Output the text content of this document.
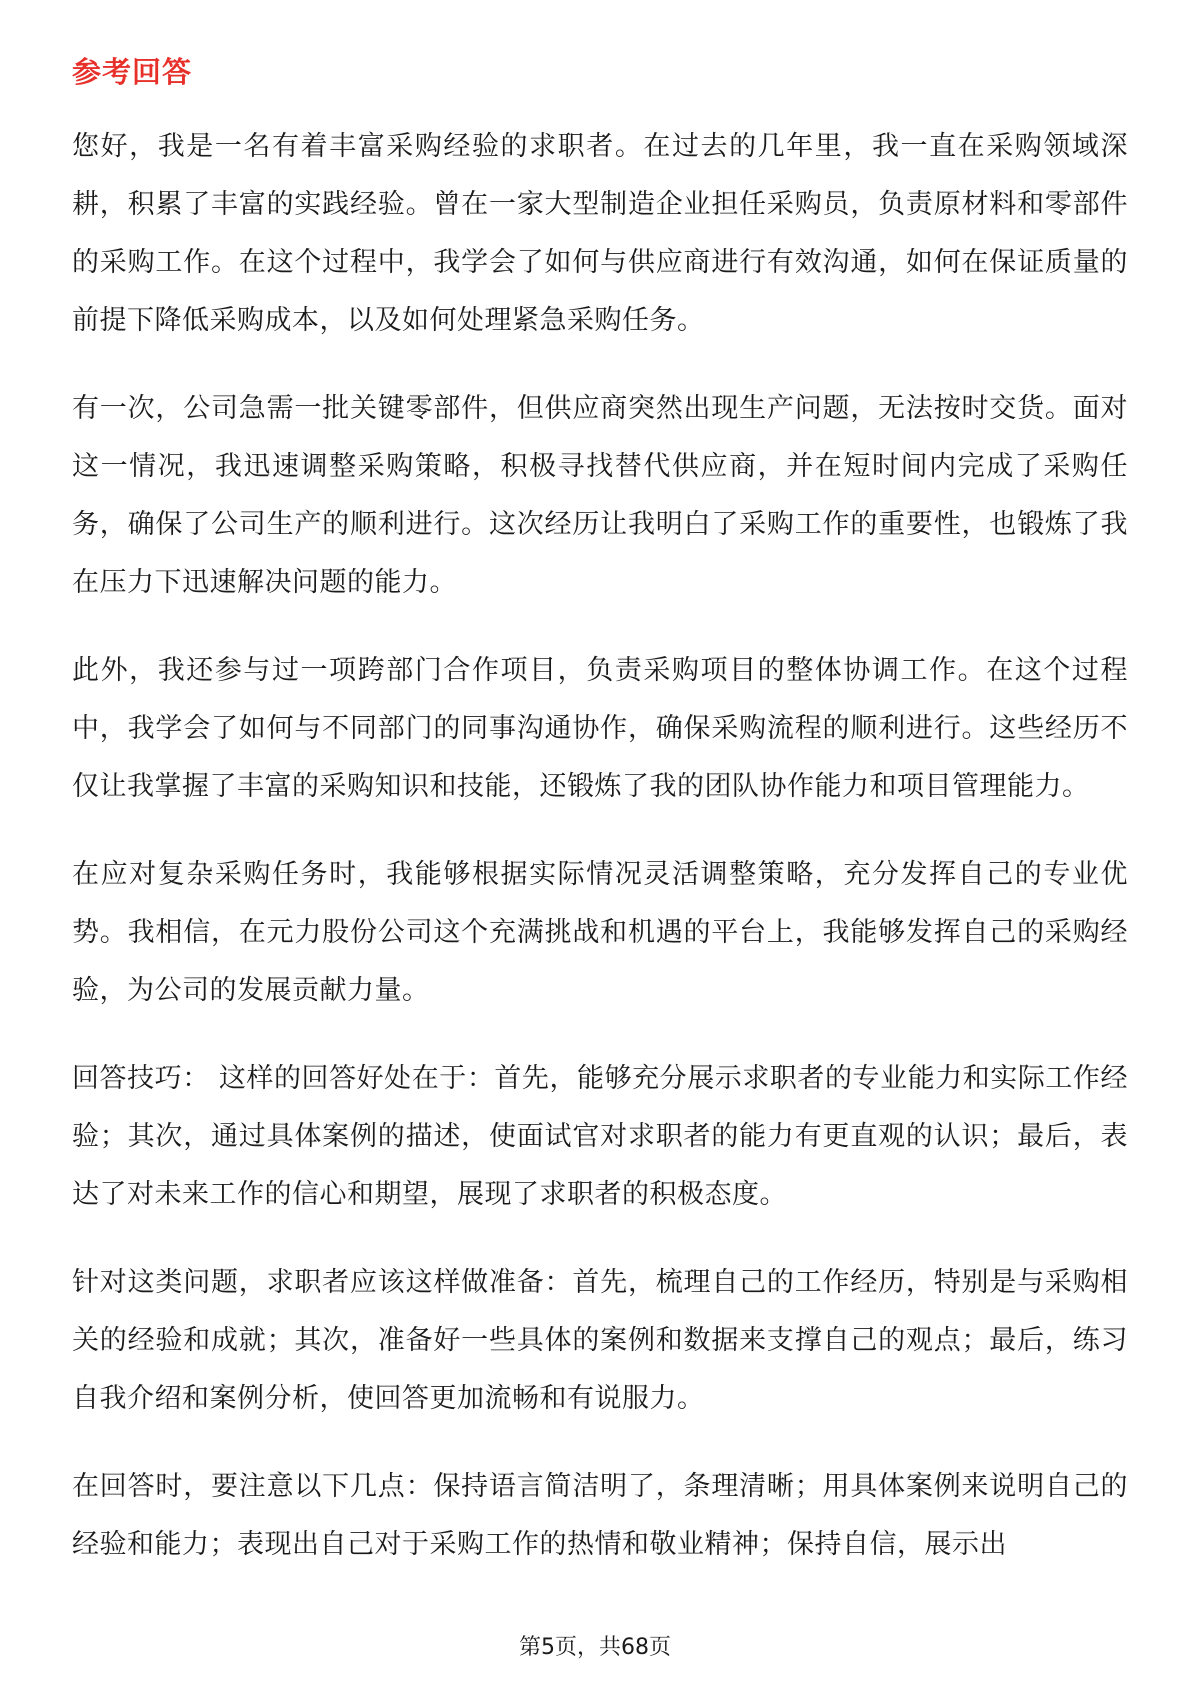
​
参考回答

您好，我是一名有着丰富采购经验的求职者。在过去的几年里，我一直在采购领域深耕，积累了丰富的实践经验。曾在一家大型制造企业担任采购员，负责原材料和零部件的采购工作。在这个过程中，我学会了如何与供应商进行有效沟通，如何在保证质量的前提下降低采购成本，以及如何处理紧急采购任务。

有一次，公司急需一批关键零部件，但供应商突然出现生产问题，无法按时交货。面对这一情况，我迅速调整采购策略，积极寻找替代供应商，并在短时间内完成了采购任务，确保了公司生产的顺利进行。这次经历让我明白了采购工作的重要性，也锻炼了我在压力下迅速解决问题的能力。

此外，我还参与过一项跨部门合作项目，负责采购项目的整体协调工作。在这个过程中，我学会了如何与不同部门的同事沟通协作，确保采购流程的顺利进行。这些经历不仅让我掌握了丰富的采购知识和技能，还锻炼了我的团队协作能力和项目管理能力。

在应对复杂采购任务时，我能够根据实际情况灵活调整策略，充分发挥自己的专业优势。我相信，在元力股份公司这个充满挑战和机遇的平台上，我能够发挥自己的采购经验，为公司的发展贡献力量。

回答技巧： 这样的回答好处在于：首先，能够充分展示求职者的专业能力和实际工作经验；其次，通过具体案例的描述，使面试官对求职者的能力有更直观的认识；最后，表达了对未来工作的信心和期望，展现了求职者的积极态度。

针对这类问题，求职者应该这样做准备：首先，梳理自己的工作经历，特别是与采购相关的经验和成就；其次，准备好一些具体的案例和数据来支撑自己的观点；最后，练习自我介绍和案例分析，使回答更加流畅和有说服力。

在回答时，要注意以下几点：保持语言简洁明了，条理清晰；用具体案例来说明自己的经验和能力；表现出自己对于采购工作的热情和敬业精神；保持自信，展示出

第5页，共68页
